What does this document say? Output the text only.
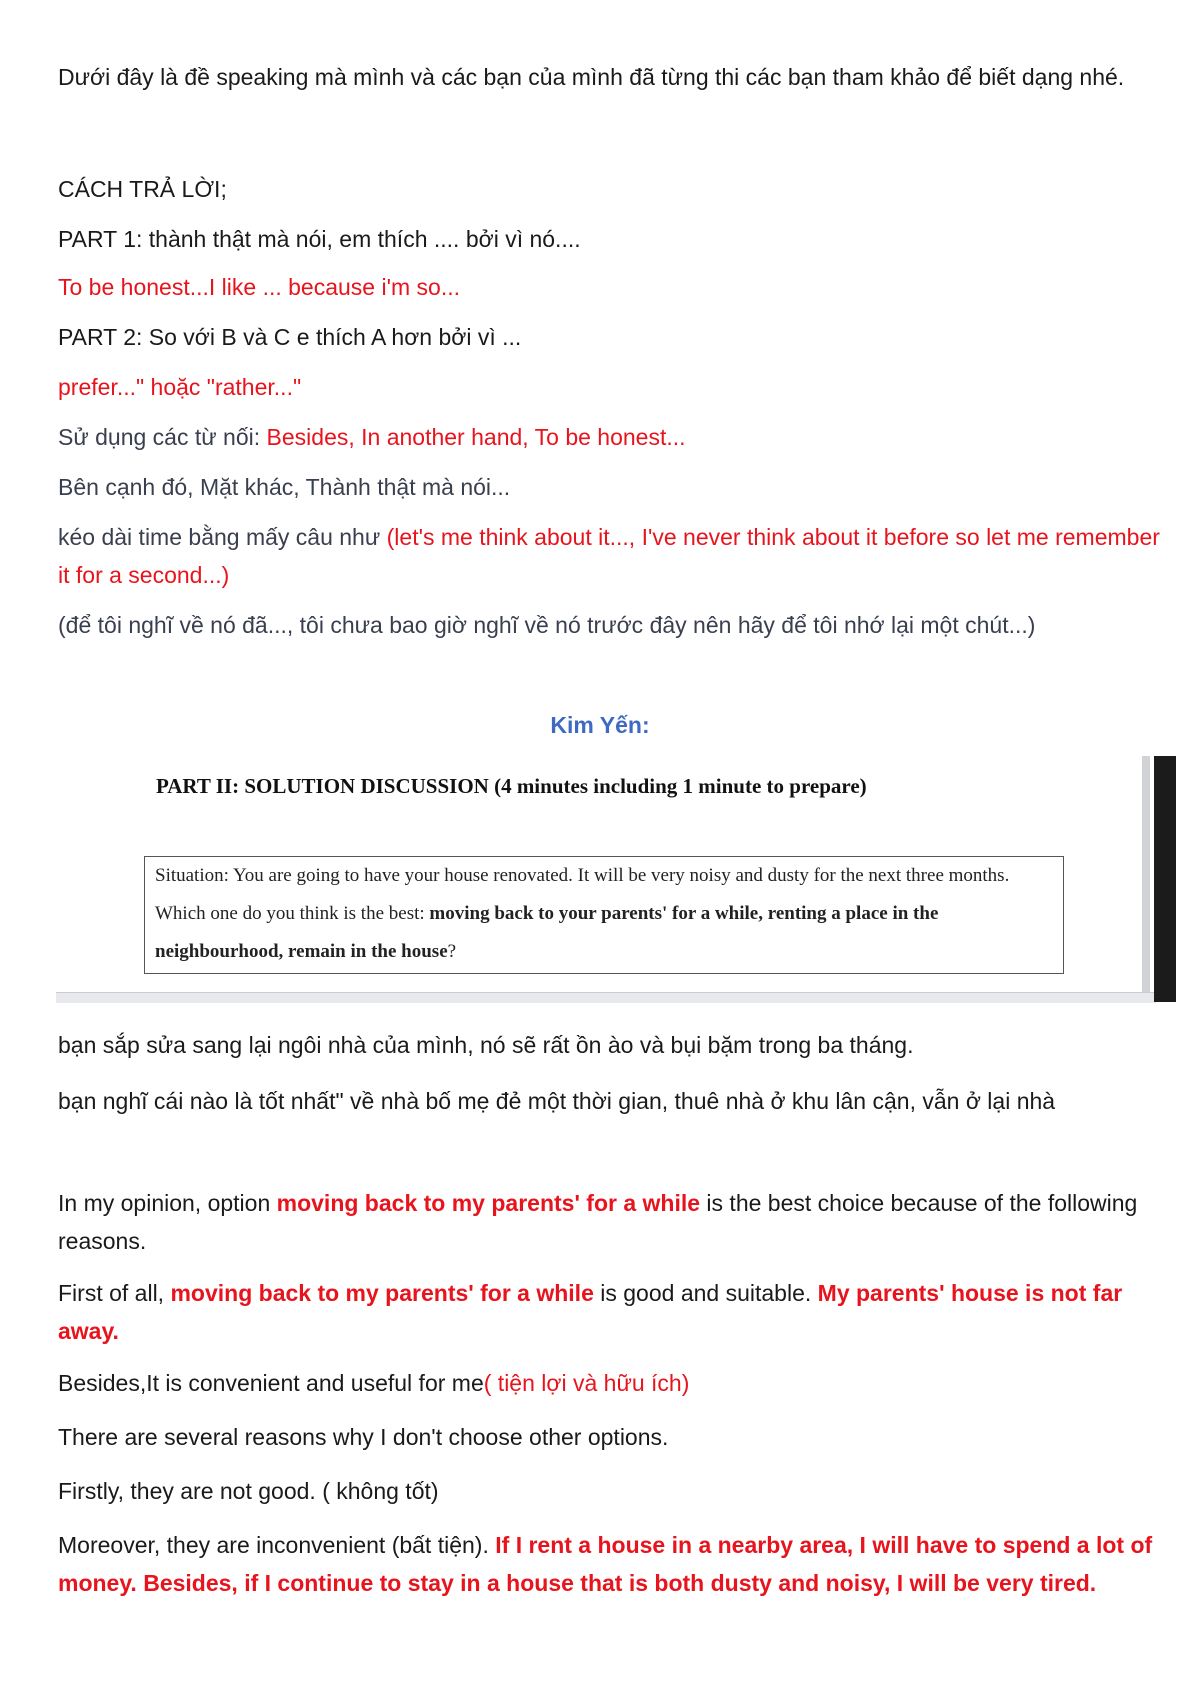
Dưới đây là đề speaking mà mình và các bạn của mình đã từng thi các bạn tham khảo để biết dạng nhé.

CÁCH TRẢ LỜI;

PART 1: thành thật mà nói, em thích .... bởi vì nó....

To be honest...I like ... because i'm so...

PART 2: So với B và C e thích A hơn bởi vì ...

prefer..." hoặc "rather..."

Sử dụng các từ nối: Besides, In another hand, To be honest...

Bên cạnh đó, Mặt khác, Thành thật mà nói...

kéo dài time bằng mấy câu như (let's me think about it..., I've never think about it before so let me remember it for a second...)

(để tôi nghĩ về nó đã..., tôi chưa bao giờ nghĩ về nó trước đây nên hãy để tôi nhớ lại một chút...)

Kim Yến:
PART II: SOLUTION DISCUSSION (4 minutes including 1 minute to prepare)
Situation: You are going to have your house renovated. It will be very noisy and dusty for the next three months. Which one do you think is the best: moving back to your parents' for a while, renting a place in the neighbourhood, remain in the house?

bạn sắp sửa sang lại ngôi nhà của mình, nó sẽ rất ồn ào và bụi bặm trong ba tháng.

bạn nghĩ cái nào là tốt nhất" về nhà bố mẹ đẻ một thời gian, thuê nhà ở khu lân cận, vẫn ở lại nhà

In my opinion, option moving back to my parents' for a while is the best choice because of the following reasons.

First of all, moving back to my parents' for a while is good and suitable. My parents' house is not far away.

Besides,It is convenient and useful for me( tiện lợi và hữu ích)

There are several reasons why I don't choose other options.

Firstly, they are not good. ( không tốt)

Moreover, they are inconvenient (bất tiện). If I rent a house in a nearby area, I will have to spend a lot of money. Besides, if I continue to stay in a house that is both dusty and noisy, I will be very tired.
